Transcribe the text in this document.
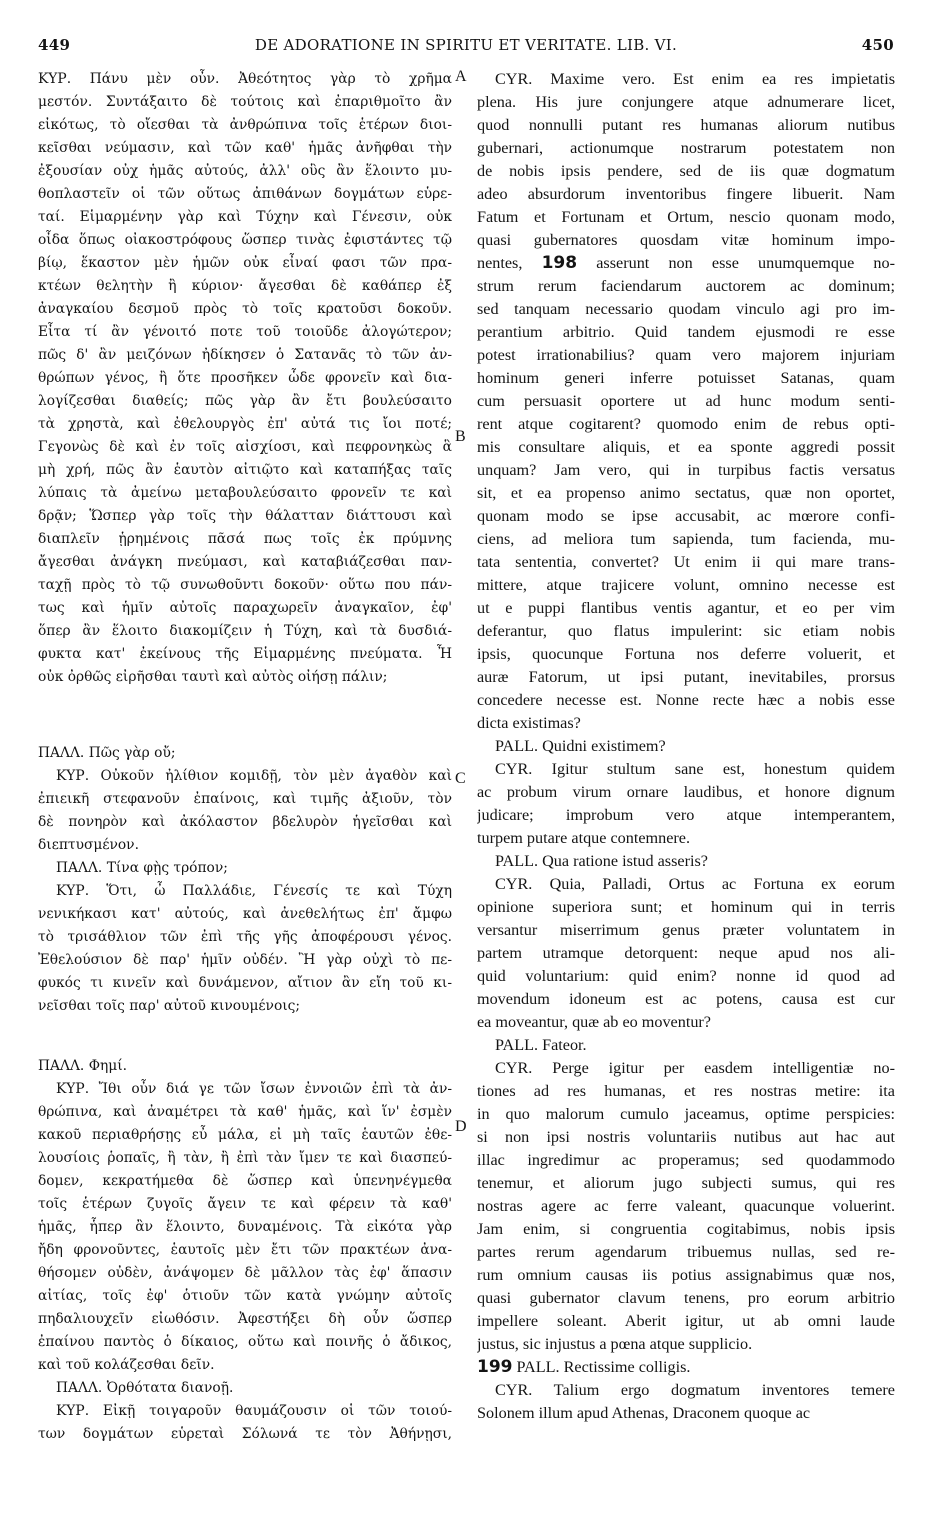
449	DE ADORATIONE IN SPIRITU ET VERITATE. LIB. VI.	450
A
B
C
D
ΚΥΡ. Πάνυ μὲν οὖν. Ἀθεότητος γὰρ τὸ χρῆμα
μεστόν. Συντάξαιτο δὲ τούτοις καὶ ἐπαριθμοῖτο ἂν
εἰκότως, τὸ οἴεσθαι τὰ ἀνθρώπινα τοῖς ἑτέρων διοι-
κεῖσθαι νεύμασιν, καὶ τῶν καθ' ἡμᾶς ἀνῆφθαι τὴν
ἐξουσίαν οὐχ ἡμᾶς αὐτούς, ἀλλ' οὓς ἂν ἕλοιντο μυ-
θοπλαστεῖν οἱ τῶν οὕτως ἀπιθάνων δογμάτων εὑρε-
ταί. Εἱμαρμένην γὰρ καὶ Τύχην καὶ Γένεσιν, οὐκ
οἶδα ὅπως οἰακοστρόφους ὥσπερ τινὰς ἐφιστάντες τῷ
βίῳ, ἕκαστον μὲν ἡμῶν οὐκ εἶναί φασι τῶν πρα-
κτέων θελητὴν ἢ κύριον· ἄγεσθαι δὲ καθάπερ ἐξ
ἀναγκαίου δεσμοῦ πρὸς τὸ τοῖς κρατοῦσι δοκοῦν.
Εἶτα τί ἂν γένοιτό ποτε τοῦ τοιοῦδε ἀλογώτερον;
πῶς δ' ἂν μειζόνων ἠδίκησεν ὁ Σατανᾶς τὸ τῶν ἀν-
θρώπων γένος, ἢ ὅτε προσῆκεν ὧδε φρονεῖν καὶ δια-
λογίζεσθαι διαθείς; πῶς γὰρ ἂν ἔτι βουλεύσαιτο
τὰ χρηστὰ, καὶ ἐθελουργὸς ἐπ' αὐτά τις ἴοι ποτέ;
Γεγονὼς δὲ καὶ ἐν τοῖς αἰσχίοσι, καὶ πεφρονηκὼς ἃ
μὴ χρή, πῶς ἂν ἑαυτὸν αἰτιῷτο καὶ καταπήξας ταῖς
λύπαις τὰ ἀμείνω μεταβουλεύσαιτο φρονεῖν τε καὶ
δρᾷν; Ὥσπερ γὰρ τοῖς τὴν θάλατταν διάττουσι καὶ
διαπλεῖν ᾑρημένοις πᾶσά πως τοῖς ἐκ πρύμνης
ἄγεσθαι ἀνάγκη πνεύμασι, καὶ καταβιάζεσθαι παν-
ταχῇ πρὸς τὸ τῷ συνωθοῦντι δοκοῦν· οὕτω που πάν-
τως καὶ ἡμῖν αὐτοῖς παραχωρεῖν ἀναγκαῖον, ἐφ'
ὅπερ ἂν ἕλοιτο διακομίζειν ἡ Τύχη, καὶ τὰ δυσδιά-
φυκτα κατ' ἐκείνους τῆς Εἱμαρμένης πνεύματα. Ἦ
οὐκ ὀρθῶς εἰρῆσθαι ταυτὶ καὶ αὐτὸς οἰήσῃ πάλιν;
ΠΑΛΛ. Πῶς γὰρ οὔ;
ΚΥΡ. Οὐκοῦν ἠλίθιον κομιδῇ, τὸν μὲν ἀγαθὸν καὶ
ἐπιεικῆ στεφανοῦν ἐπαίνοις, καὶ τιμῆς ἀξιοῦν, τὸν
δὲ πονηρὸν καὶ ἀκόλαστον βδελυρὸν ἡγεῖσθαι καὶ
διεπτυσμένον.
ΠΑΛΛ. Τίνα φῂς τρόπον;
ΚΥΡ. Ὅτι, ὦ Παλλάδιε, Γένεσίς τε καὶ Τύχη
νενικήκασι κατ' αὐτούς, καὶ ἀνεθελήτως ἐπ' ἄμφω
τὸ τρισάθλιον τῶν ἐπὶ τῆς γῆς ἀποφέρουσι γένος.
Ἐθελούσιον δὲ παρ' ἡμῖν οὐδέν. Ἢ γὰρ οὐχὶ τὸ πε-
φυκός τι κινεῖν καὶ δυνάμενον, αἴτιον ἂν εἴη τοῦ κι-
νεῖσθαι τοῖς παρ' αὐτοῦ κινουμένοις;
ΠΑΛΛ. Φημί.
ΚΥΡ. Ἴθι οὖν διά γε τῶν ἴσων ἐννοιῶν ἐπὶ τὰ ἀν-
θρώπινα, καὶ ἀναμέτρει τὰ καθ' ἡμᾶς, καὶ ἵν' ἐσμὲν
κακοῦ περιαθρήσῃς εὖ μάλα, εἰ μὴ ταῖς ἑαυτῶν ἐθε-
λουσίοις ῥοπαῖς, ἢ τὰν, ἢ ἐπὶ τὰν ἴμεν τε καὶ διασπεύ-
δομεν, κεκρατήμεθα δὲ ὥσπερ καὶ ὑπενηνέγμεθα
τοῖς ἑτέρων ζυγοῖς ἄγειν τε καὶ φέρειν τὰ καθ'
ἡμᾶς, ἧπερ ἂν ἕλοιντο, δυναμένοις. Τὰ εἰκότα γὰρ
ἤδη φρονοῦντες, ἑαυτοῖς μὲν ἔτι τῶν πρακτέων ἀνα-
θήσομεν οὐδὲν, ἀνάψομεν δὲ μᾶλλον τὰς ἐφ' ἅπασιν
αἰτίας, τοῖς ἐφ' ὁτιοῦν τῶν κατὰ γνώμην αὐτοῖς
πηδαλιουχεῖν εἰωθόσιν. Ἀφεστήξει δὴ οὖν ὥσπερ
ἐπαίνου παντὸς ὁ δίκαιος, οὕτω καὶ ποινῆς ὁ ἄδικος,
καὶ τοῦ κολάζεσθαι δεῖν.
ΠΑΛΛ. Ὀρθότατα διανοῇ.
ΚΥΡ. Εἰκῇ τοιγαροῦν θαυμάζουσιν οἱ τῶν τοιού-
των δογμάτων εὑρεταὶ Σόλωνά τε τὸν Ἀθήνῃσι,
CYR. Maxime vero. Est enim ea res impietatis
plena. His jure conjungere atque adnumerare licet,
quod nonnulli putant res humanas aliorum nutibus
gubernari, actionumque nostrarum potestatem non
de nobis ipsis pendere, sed de iis quæ dogmatum
adeo absurdorum inventoribus fingere libuerit. Nam
Fatum et Fortunam et Ortum, nescio quonam modo,
quasi gubernatores quosdam vitæ hominum impo-
nentes, 198 asserunt non esse unumquemque no-
strum rerum faciendarum auctorem ac dominum;
sed tanquam necessario quodam vinculo agi pro im-
perantium arbitrio. Quid tandem ejusmodi re esse
potest irrationabilius? quam vero majorem injuriam
hominum generi inferre potuisset Satanas, quam
cum persuasit oportere ut ad hunc modum senti-
rent atque cogitarent? quomodo enim de rebus opti-
mis consultare aliquis, et ea sponte aggredi possit
unquam? Jam vero, qui in turpibus factis versatus
sit, et ea propenso animo sectatus, quæ non oportet,
quonam modo se ipse accusabit, ac mœrore confi-
ciens, ad meliora tum sapienda, tum facienda, mu-
tata sententia, convertet? Ut enim ii qui mare trans-
mittere, atque trajicere volunt, omnino necesse est
ut e puppi flantibus ventis agantur, et eo per vim
deferantur, quo flatus impulerint: sic etiam nobis
ipsis, quocunque Fortuna nos deferre voluerit, et
auræ Fatorum, ut ipsi putant, inevitabiles, prorsus
concedere necesse est. Nonne recte hæc a nobis esse
dicta existimas?
PALL. Quidni existimem?
CYR. Igitur stultum sane est, honestum quidem
ac probum virum ornare laudibus, et honore dignum
judicare; improbum vero atque intemperantem,
turpem putare atque contemnere.
PALL. Qua ratione istud asseris?
CYR. Quia, Palladi, Ortus ac Fortuna ex eorum
opinione superiora sunt; et hominum qui in terris
versantur miserrimum genus præter voluntatem in
partem utramque detorquent: neque apud nos ali-
quid voluntarium: quid enim? nonne id quod ad
movendum idoneum est ac potens, causa est cur
ea moveantur, quæ ab eo moventur?
PALL. Fateor.
CYR. Perge igitur per easdem intelligentiæ no-
tiones ad res humanas, et res nostras metire: ita
in quo malorum cumulo jaceamus, optime perspicies:
si non ipsi nostris voluntariis nutibus aut hac aut
illac ingredimur ac properamus; sed quodammodo
tenemur, et aliorum jugo subjecti sumus, qui res
nostras agere ac ferre valeant, quacunque voluerint.
Jam enim, si congruentia cogitabimus, nobis ipsis
partes rerum agendarum tribuemus nullas, sed re-
rum omnium causas iis potius assignabimus quæ nos,
quasi gubernator clavum tenens, pro eorum arbitrio
impellere soleant. Aberit igitur, ut ab omni laude
justus, sic injustus a pœna atque supplicio.
199 PALL. Rectissime colligis.
CYR. Talium ergo dogmatum inventores temere
Solonem illum apud Athenas, Draconem quoque ac
